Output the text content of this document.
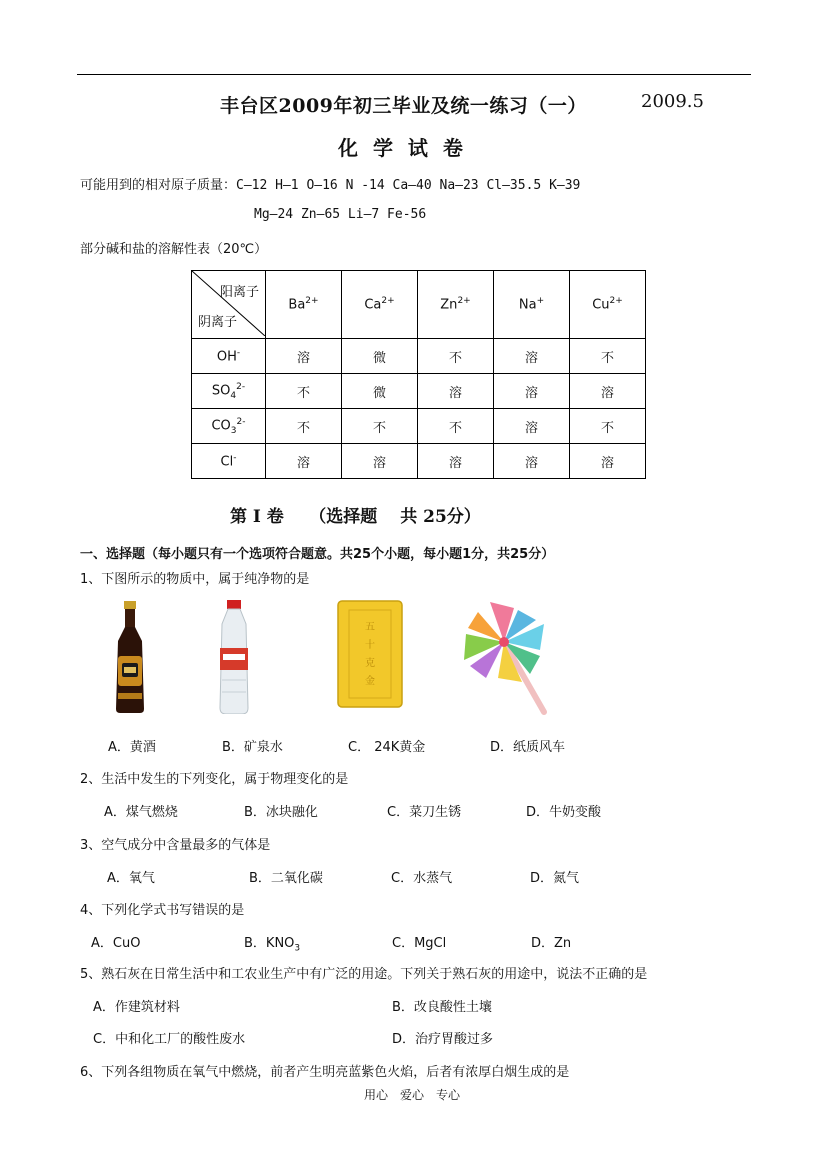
丰台区2009年初三毕业及统一练习（一）	2009.5
化 学 试 卷
可能用到的相对原子质量：C—12 H—1 O—16 N -14 Ca—40 Na—23 Cl—35.5 K—39
Mg—24 Zn—65 Li—7 Fe-56
部分碱和盐的溶解性表（20℃）
阳离子
阴离子	$Ba^{2+}$	$Ca^{2+}$	$Zn^{2+}$	Na+	$Cu^{2+}$
OH-	溶	微	不	溶	不
$SO_4^{2-}$	不	微	溶	溶	溶
$CO_3^{2-}$	不	不	不	溶	不
Cl-	溶	溶	溶	溶	溶
第 I 卷　　（选择题　 共 25分）
一、选择题（每小题只有一个选项符合题意。共25个小题，每小题1分，共25分）
1、下图所示的物质中，属于纯净物的是
五
十
克
金
A．黄酒	B．矿泉水	C． 24K黄金	D．纸质风车
2、生活中发生的下列变化，属于物理变化的是
A．煤气燃烧	B．冰块融化	C．菜刀生锈	D．牛奶变酸
3、空气成分中含量最多的气体是
A．氧气	B．二氧化碳	C．水蒸气	D．氮气
4、下列化学式书写错误的是
A．CuO	B．$KNO_3$	C．MgCl	D．Zn
5、熟石灰在日常生活中和工农业生产中有广泛的用途。下列关于熟石灰的用途中，说法不正确的是
A．作建筑材料	B．改良酸性土壤
C．中和化工厂的酸性废水	D．治疗胃酸过多
6、下列各组物质在氧气中燃烧，前者产生明亮蓝紫色火焰，后者有浓厚白烟生成的是
用心　爱心　专心
